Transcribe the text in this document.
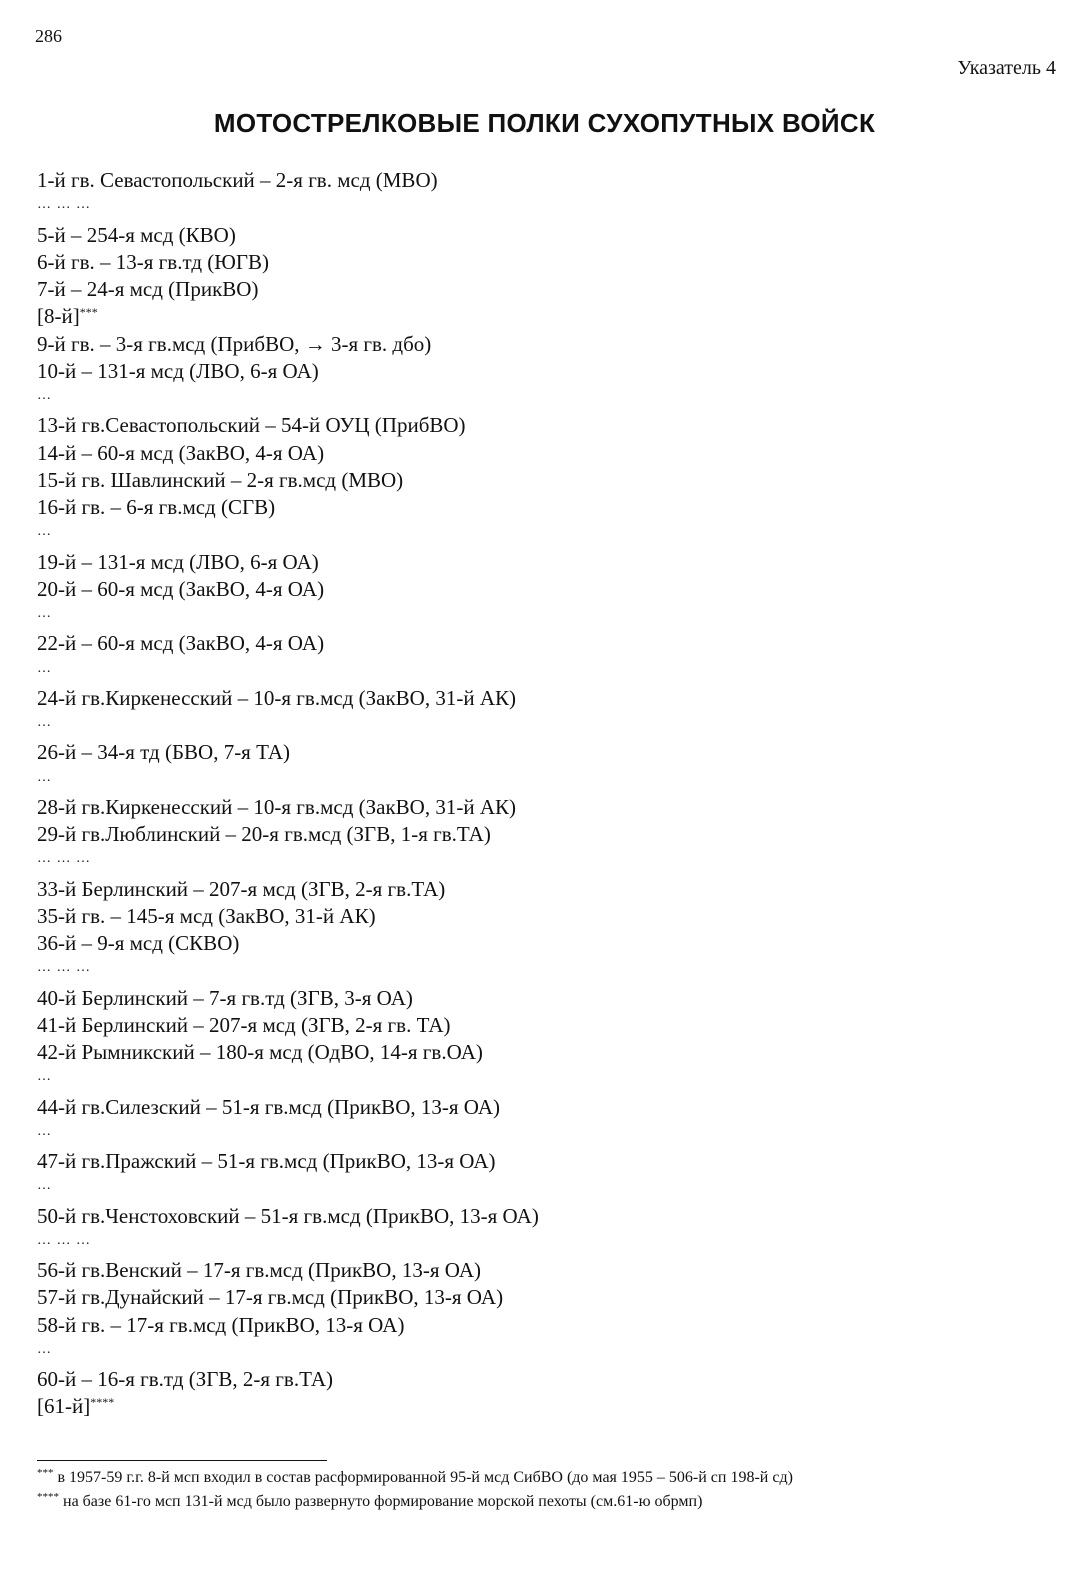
286
Указатель 4
МОТОСТРЕЛКОВЫЕ ПОЛКИ СУХОПУТНЫХ ВОЙСК
1-й гв. Севастопольский – 2-я гв. мсд (МВО)
… … …
5-й – 254-я мсд (КВО)
6-й гв. – 13-я гв.тд (ЮГВ)
7-й – 24-я мсд (ПрикВО)
[8-й]***
9-й гв. – 3-я гв.мсд (ПрибВО, → 3-я гв. дбо)
10-й – 131-я мсд (ЛВО, 6-я ОА)
…
13-й гв.Севастопольский – 54-й ОУЦ (ПрибВО)
14-й – 60-я мсд (ЗакВО, 4-я ОА)
15-й гв. Шавлинский – 2-я гв.мсд (МВО)
16-й гв. – 6-я гв.мсд (СГВ)
…
19-й – 131-я мсд (ЛВО, 6-я ОА)
20-й – 60-я мсд (ЗакВО, 4-я ОА)
…
22-й – 60-я мсд (ЗакВО, 4-я ОА)
…
24-й гв.Киркенесский – 10-я гв.мсд (ЗакВО, 31-й АК)
…
26-й – 34-я тд (БВО, 7-я ТА)
…
28-й гв.Киркенесский – 10-я гв.мсд (ЗакВО, 31-й АК)
29-й гв.Люблинский – 20-я гв.мсд (ЗГВ, 1-я гв.ТА)
… … …
33-й Берлинский – 207-я мсд (ЗГВ, 2-я гв.ТА)
35-й гв. – 145-я мсд (ЗакВО, 31-й АК)
36-й – 9-я мсд (СКВО)
… … …
40-й Берлинский – 7-я гв.тд (ЗГВ, 3-я ОА)
41-й Берлинский – 207-я мсд (ЗГВ, 2-я гв. ТА)
42-й Рымникский – 180-я мсд (ОдВО, 14-я гв.ОА)
…
44-й гв.Силезский – 51-я гв.мсд (ПрикВО, 13-я ОА)
…
47-й гв.Пражский – 51-я гв.мсд (ПрикВО, 13-я ОА)
…
50-й гв.Ченстоховский – 51-я гв.мсд (ПрикВО, 13-я ОА)
… … …
56-й гв.Венский – 17-я гв.мсд (ПрикВО, 13-я ОА)
57-й гв.Дунайский – 17-я гв.мсд (ПрикВО, 13-я ОА)
58-й гв. – 17-я гв.мсд (ПрикВО, 13-я ОА)
…
60-й – 16-я гв.тд (ЗГВ, 2-я гв.ТА)
[61-й]****
*** в 1957-59 г.г. 8-й мсп входил в состав расформированной 95-й мсд СибВО (до мая 1955 – 506-й сп 198-й сд)
**** на базе 61-го мсп 131-й мсд было развернуто формирование морской пехоты (см.61-ю обрмп)
